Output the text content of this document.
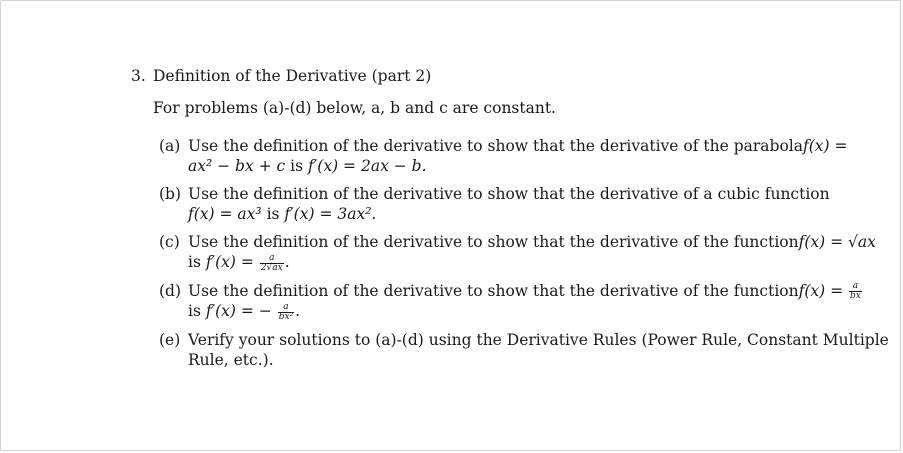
3. Definition of the Derivative (part 2)
For problems (a)-(d) below, a, b and c are constant.
(a) Use the definition of the derivative to show that the derivative of the parabola f(x) =
ax² − bx + c is f′(x) = 2ax − b.
(b) Use the definition of the derivative to show that the derivative of a cubic function
f(x) = ax³ is f′(x) = 3ax².
(c) Use the definition of the derivative to show that the derivative of the function f(x) = √ax
is $f'(x) = \frac{a}{2√ax}$ .
(d) Use the definition of the derivative to show that the derivative of the function $f(x) = \frac{a}{bx}$
is f′(x) = − $\frac{a}{\text{bx²}}$ .
(e) Verify your solutions to (a)-(d) using the Derivative Rules (Power Rule, Constant Multiple
Rule, etc.).
